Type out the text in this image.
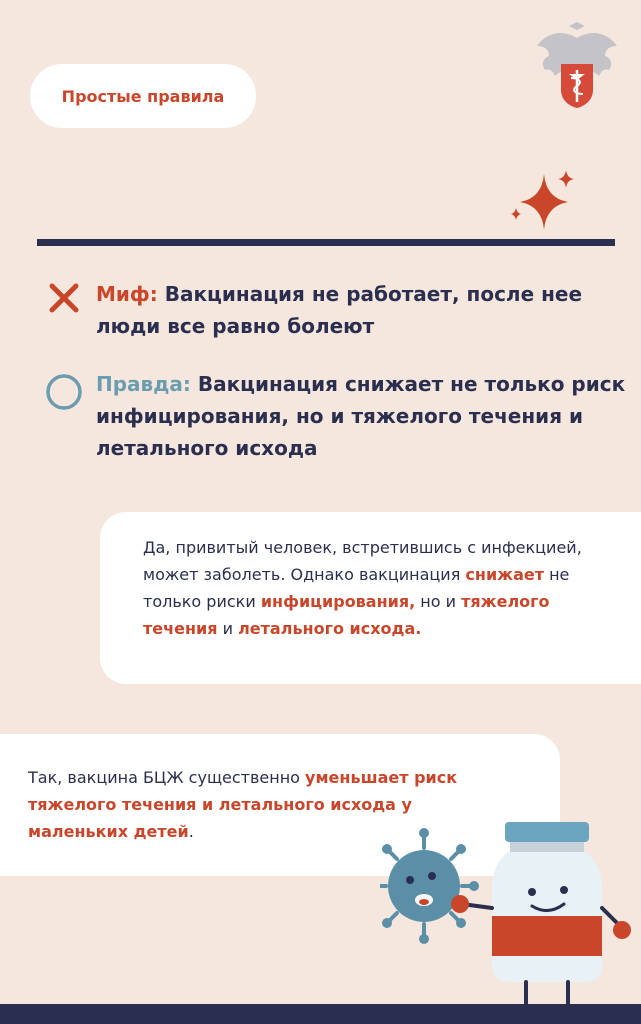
Простые правила
Миф: Вакцинация не работает, после нее люди все равно болеют
Правда: Вакцинация снижает не только риск инфицирования, но и тяжелого течения и летального исхода
Да, привитый человек, встретившись с инфекцией, может заболеть. Однако вакцинация снижает не только риски инфицирования, но и тяжелого течения и летального исхода.
Так, вакцина БЦЖ существенно уменьшает риск тяжелого течения и летального исхода у маленьких детей.
